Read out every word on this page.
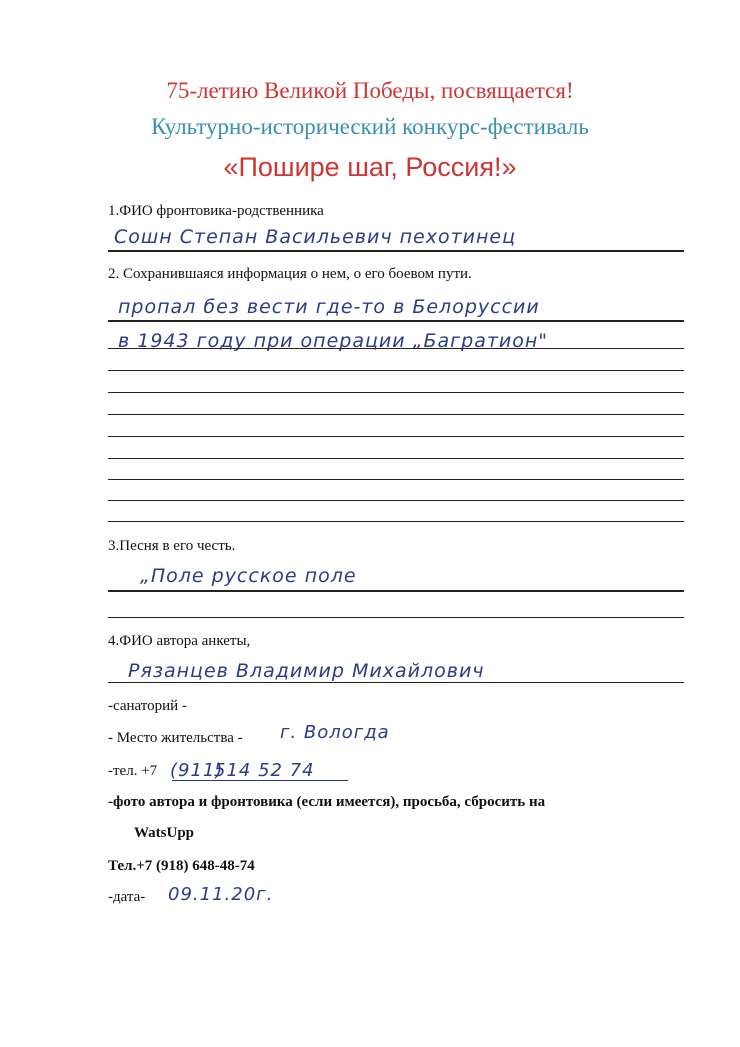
75-летию Великой Победы, посвящается!
Культурно-исторический конкурс-фестиваль
«Пошире шаг, Россия!»
1.ФИО фронтовика-родственника
Сошн Степан Васильевич пехотинец
2. Сохранившаяся информация о нем, о его боевом пути.
пропал без вести где-то в Белоруссии
в 1943 году при операции „Багратион"
3.Песня в его честь.
„Поле русское поле
4.ФИО автора анкеты,
Рязанцев Владимир Михайлович
-санаторий -
- Место жительства - г. Вологда
-тел. +7 (911)
514 52 74
-фото автора и фронтовика (если имеется), просьба, сбросить на
WatsUpp
Тел.+7 (918) 648-48-74
-дата- 09.11.20г.
